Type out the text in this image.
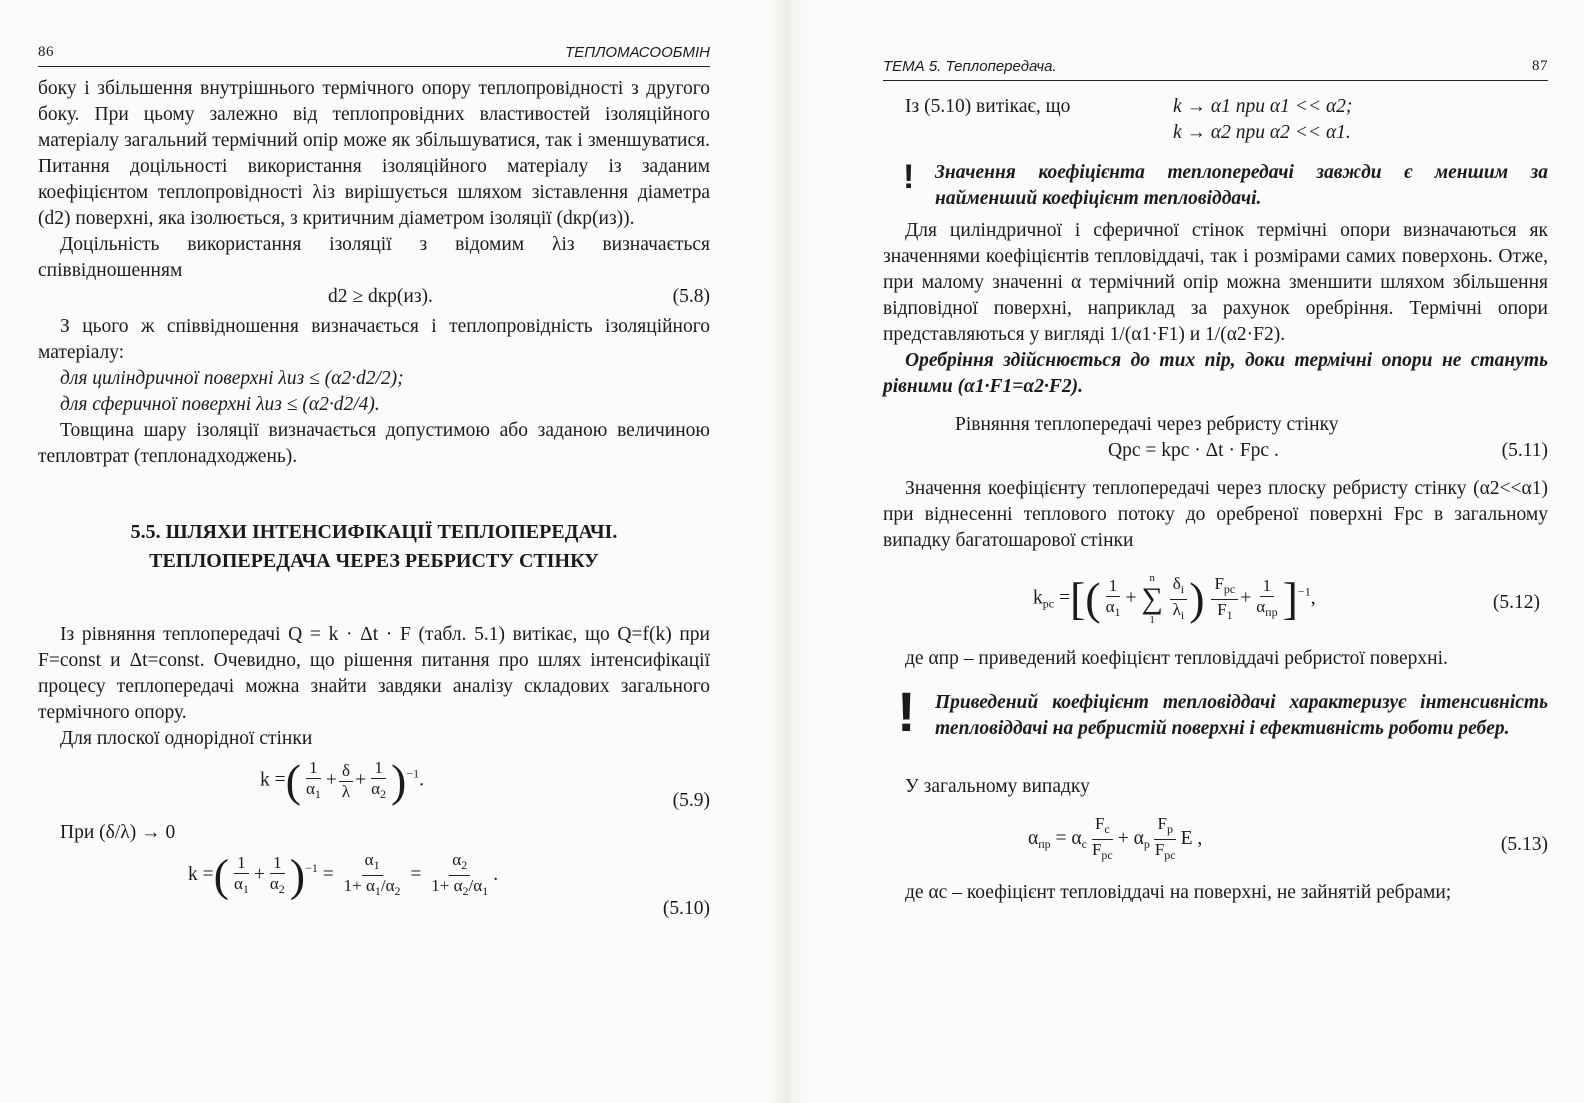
86	ТЕПЛОМАСООБМІН

боку і збільшення внутрішнього термічного опору теплопровідності з другого боку. При цьому залежно від теплопровідних властивостей ізоляційного матеріалу загальний термічний опір може як збільшуватися, так і зменшуватися. Питання доцільності використання ізоляційного матеріалу із заданим коефіцієнтом теплопровідності λіз вирішується шляхом зіставлення діаметра (d2) поверхні, яка ізолюється, з критичним діаметром ізоляції (dкр(из)).

Доцільність використання ізоляції з відомим λіз визначається співвідношенням

d2 ≥ dкр(из).	(5.8)

З цього ж співвідношення визначається і теплопровідність ізоляційного матеріалу:

для циліндричної поверхні λиз ≤ (α2·d2/2);

для сферичної поверхні λиз ≤ (α2·d2/4).

Товщина шару ізоляції визначається допустимою або заданою величиною тепловтрат (теплонадходжень).

5.5. ШЛЯХИ ІНТЕНСИФІКАЦІЇ ТЕПЛОПЕРЕДАЧІ.

ТЕПЛОПЕРЕДАЧА ЧЕРЕЗ РЕБРИСТУ СТІНКУ

Із рівняння теплопередачі Q = k · Δt · F (табл. 5.1) витікає, що Q=f(k) при F=const и Δt=const. Очевидно, що рішення питання про шлях інтенсифікації процесу теплопередачі можна знайти завдяки аналізу складових загального термічного опору.

Для плоскої однорідної стінки

k =( $\frac{1}{\alpha_1} + \frac{\delta}{\lambda} + \frac{1}{\alpha_2} )^{-1}$.
(5.9)

При (δ/λ) → 0

k =( $\frac{1}{\alpha_1} + \frac{1}{\alpha_2} )^{-1} = \frac{\alpha_1}{1+ \alpha_1/\alpha_2} = \frac{\alpha_2}{1+ \alpha_2/\alpha_1}$ .
(5.10)
ТЕМА 5. Теплопередача.	87
Із (5.10) витікає, що	k → α1 при α1 << α2;
k → α2 при α2 << α1.
! Значення коефіцієнта теплопередачі завжди є меншим за найменший коефіцієнт тепловіддачі.

Для циліндричної і сферичної стінок термічні опори визначаються як значеннями коефіцієнтів тепловіддачі, так і розмірами самих поверхонь. Отже, при малому значенні α термічний опір можна зменшити шляхом збільшення відповідної поверхні, наприклад за рахунок оребріння. Термічні опори представляються у вигляді 1/(α1·F1) и 1/(α2·F2).

Оребріння здійснюється до тих пір, доки термічні опори не стануть рівними (α1·F1=α2·F2).

Рівняння теплопередачі через ребристу стінку

Qрс = kрс · Δt · Fрс .	(5.11)

Значення коефіцієнту теплопередачі через плоску ребристу стінку (α2<<α1) при віднесенні теплового потоку до оребреної поверхні Fрс в загальному випадку багатошарової стінки

$k_{рс}$ =[( $\frac{1}{\alpha_1}$ +
n
∑
1
$\frac{\delta_i}{\lambda_i}$ ) $\frac{F_{рс}}{F_1} + \frac{1}{\alpha_{пр}} ]^{-1}$,	(5.12)

де αпр – приведений коефіцієнт тепловіддачі ребристої поверхні.

! Приведений коефіцієнт тепловіддачі характеризує інтенсивність тепловіддачі на ребристій поверхні і ефективність роботи ребер.

У загальному випадку

$\alpha_{пр} = \alpha_с \frac{F_с}{F_{рс}} + \alpha_р \frac{F_р}{F_{рс}}$ E ,	(5.13)

де αс – коефіцієнт тепловіддачі на поверхні, не зайнятій ребрами;
